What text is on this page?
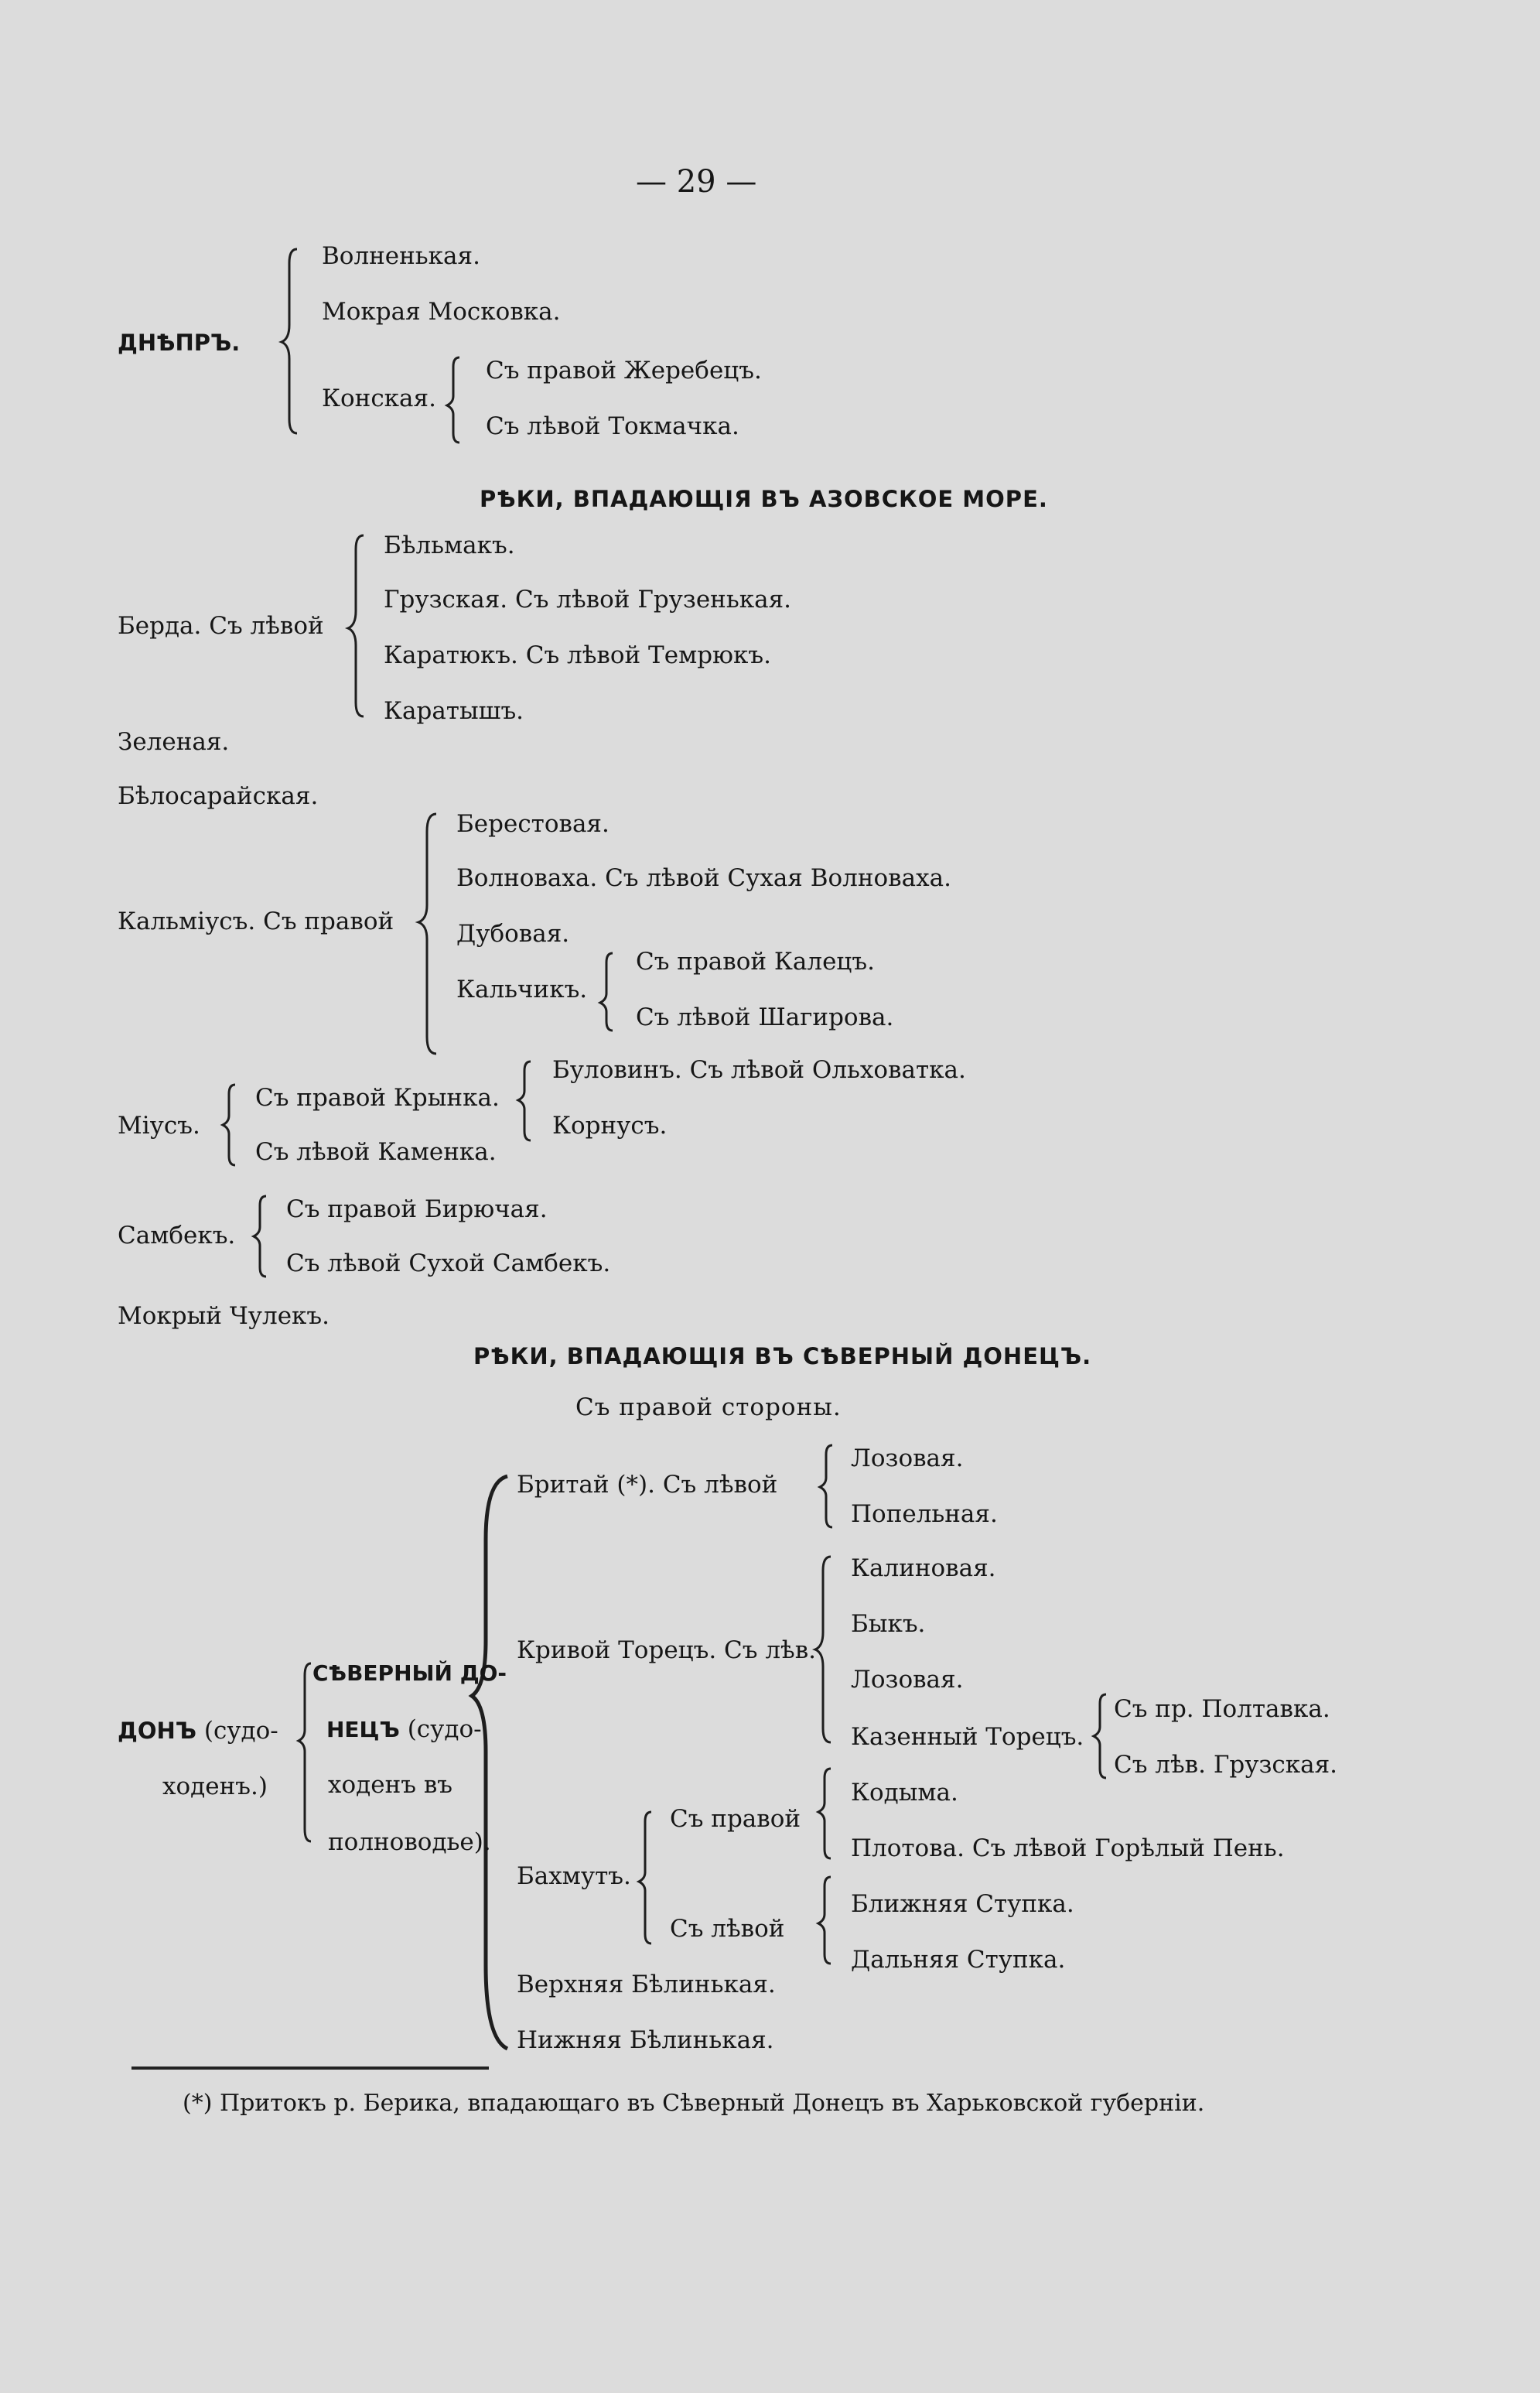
— 29 —
ДНѢПРЪ.
Волненькая.
Мокрая Московка.
Конская.
Съ правой Жеребецъ.
Съ лѣвой Токмачка.
РѢКИ, ВПАДАЮЩІЯ ВЪ АЗОВСКОЕ МОРЕ.
Берда. Съ лѣвой
Бѣльмакъ.
Грузская. Съ лѣвой Грузенькая.
Каратюкъ. Съ лѣвой Темрюкъ.
Каратышъ.
Зеленая.
Бѣлосарайская.
Кальміусъ. Съ правой
Берестовая.
Волноваха. Съ лѣвой Сухая Волноваха.
Дубовая.
Кальчикъ.
Съ правой Калецъ.
Съ лѣвой Шагирова.
Міусъ.
Съ правой Крынка.
Съ лѣвой Каменка.
Буловинъ. Съ лѣвой Ольховатка.
Корнусъ.
Самбекъ.
Съ правой Бирючая.
Съ лѣвой Сухой Самбекъ.
Мокрый Чулекъ.
РѢКИ, ВПАДАЮЩІЯ ВЪ СѢВЕРНЫЙ ДОНЕЦЪ.
Съ правой стороны.
ДОНЪ (судо-
ходенъ.)
СѢВЕРНЫЙ ДО-
НЕЦЪ (судо-
ходенъ въ
полноводье).
Бритай (*). Съ лѣвой
Лозовая.
Попельная.
Кривой Торецъ. Съ лѣв.
Калиновая.
Быкъ.
Лозовая.
Казенный Торецъ.
Съ пр. Полтавка.
Съ лѣв. Грузская.
Бахмутъ.
Съ правой
Съ лѣвой
Кодыма.
Плотова. Съ лѣвой Горѣлый Пень.
Ближняя Ступка.
Дальняя Ступка.
Верхняя Бѣлинькая.
Нижняя Бѣлинькая.
(*) Притокъ р. Берика, впадающаго въ Сѣверный Донецъ въ Харьковской губерніи.
